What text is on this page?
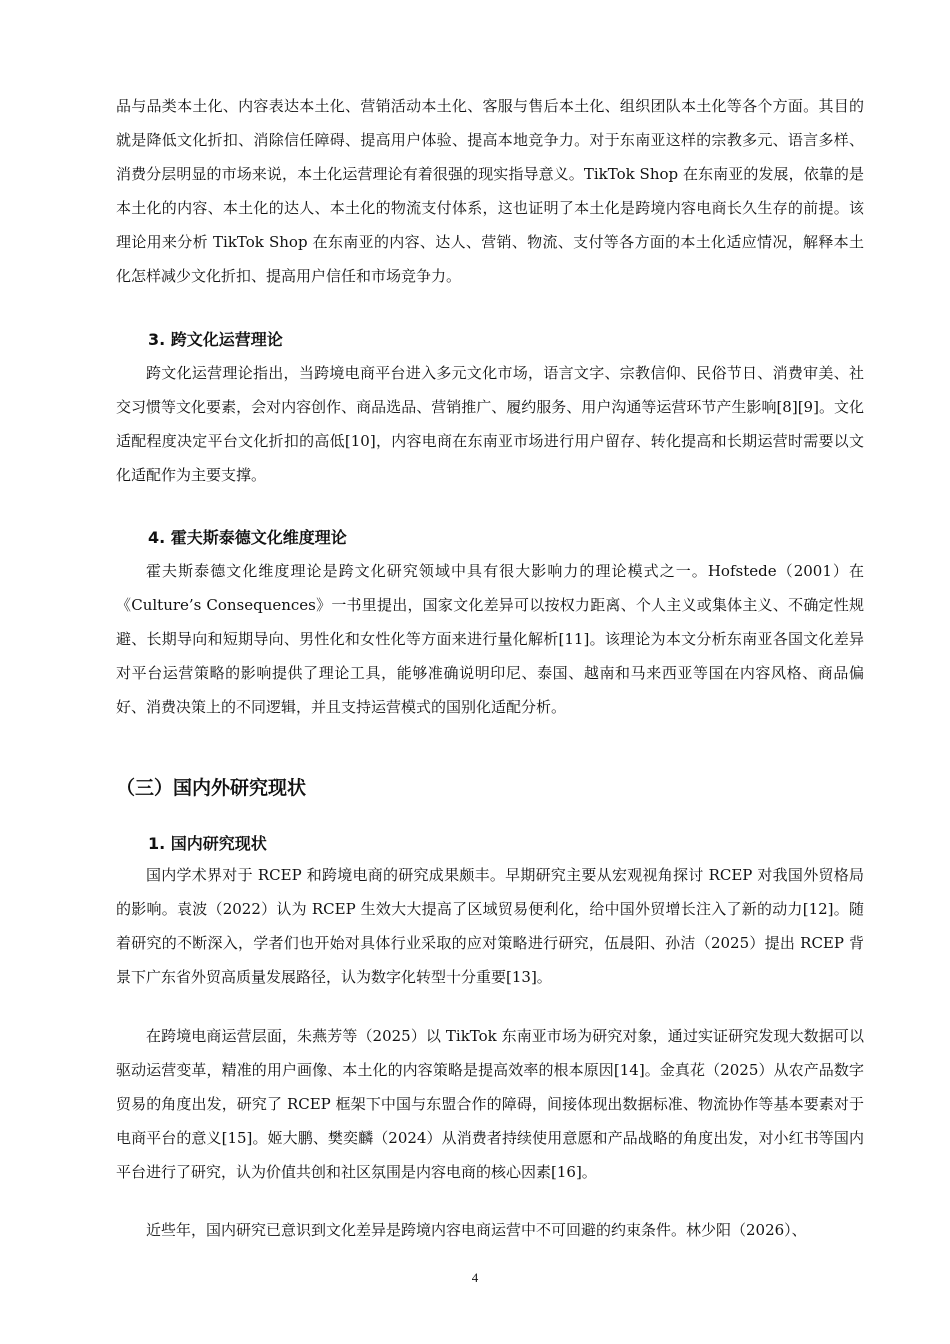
品与品类本土化、内容表达本土化、营销活动本土化、客服与售后本土化、组织团队本土化等各个方面。其目的就是降低文化折扣、消除信任障碍、提高用户体验、提高本地竞争力。对于东南亚这样的宗教多元、语言多样、消费分层明显的市场来说，本土化运营理论有着很强的现实指导意义。TikTok Shop 在东南亚的发展，依靠的是本土化的内容、本土化的达人、本土化的物流支付体系，这也证明了本土化是跨境内容电商长久生存的前提。该理论用来分析 TikTok Shop 在东南亚的内容、达人、营销、物流、支付等各方面的本土化适应情况，解释本土化怎样减少文化折扣、提高用户信任和市场竞争力。

3. 跨文化运营理论

跨文化运营理论指出，当跨境电商平台进入多元文化市场，语言文字、宗教信仰、民俗节日、消费审美、社交习惯等文化要素，会对内容创作、商品选品、营销推广、履约服务、用户沟通等运营环节产生影响[8][9]。文化适配程度决定平台文化折扣的高低[10]，内容电商在东南亚市场进行用户留存、转化提高和长期运营时需要以文化适配作为主要支撑。

4. 霍夫斯泰德文化维度理论

霍夫斯泰德文化维度理论是跨文化研究领域中具有很大影响力的理论模式之一。Hofstede（2001）在《Culture’s Consequences》一书里提出，国家文化差异可以按权力距离、个人主义或集体主义、不确定性规避、长期导向和短期导向、男性化和女性化等方面来进行量化解析[11]。该理论为本文分析东南亚各国文化差异对平台运营策略的影响提供了理论工具，能够准确说明印尼、泰国、越南和马来西亚等国在内容风格、商品偏好、消费决策上的不同逻辑，并且支持运营模式的国别化适配分析。

（三）国内外研究现状
1. 国内研究现状

国内学术界对于 RCEP 和跨境电商的研究成果颇丰。早期研究主要从宏观视角探讨 RCEP 对我国外贸格局的影响。袁波（2022）认为 RCEP 生效大大提高了区域贸易便利化，给中国外贸增长注入了新的动力[12]。随着研究的不断深入，学者们也开始对具体行业采取的应对策略进行研究，伍晨阳、孙洁（2025）提出 RCEP 背景下广东省外贸高质量发展路径，认为数字化转型十分重要[13]。

在跨境电商运营层面，朱燕芳等（2025）以 TikTok 东南亚市场为研究对象，通过实证研究发现大数据可以驱动运营变革，精准的用户画像、本土化的内容策略是提高效率的根本原因[14]。金真花（2025）从农产品数字贸易的角度出发，研究了 RCEP 框架下中国与东盟合作的障碍，间接体现出数据标准、物流协作等基本要素对于电商平台的意义[15]。姬大鹏、樊奕麟（2024）从消费者持续使用意愿和产品战略的角度出发，对小红书等国内平台进行了研究，认为价值共创和社区氛围是内容电商的核心因素[16]。

近些年，国内研究已意识到文化差异是跨境内容电商运营中不可回避的约束条件。林少阳（2026）、

4
